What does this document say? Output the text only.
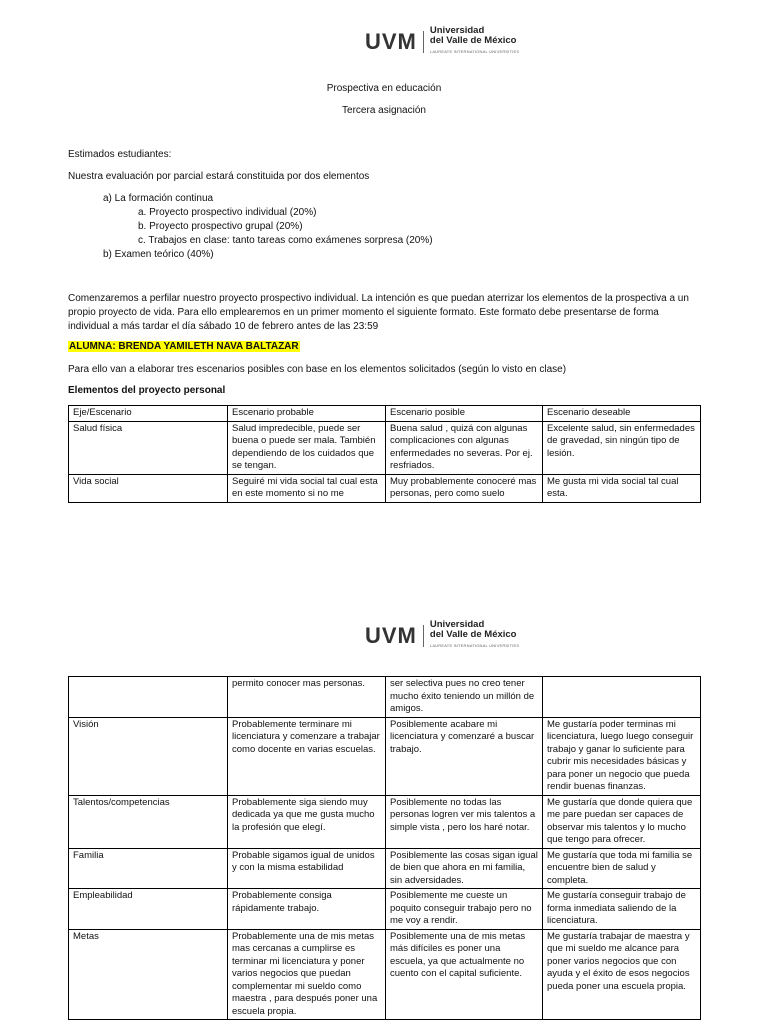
UVM Universidad
del Valle de México
LAUREATE INTERNATIONAL UNIVERSITIES
Prospectiva en educación
Tercera asignación
Estimados estudiantes:
Nuestra evaluación por parcial estará constituida por dos elementos
a) La formación continua
a. Proyecto prospectivo individual (20%)
b. Proyecto prospectivo grupal (20%)
c. Trabajos en clase: tanto tareas como exámenes sorpresa (20%)
b) Examen teórico (40%)
Comenzaremos a perfilar nuestro proyecto prospectivo individual. La intención es que puedan aterrizar los elementos de la prospectiva a un propio proyecto de vida. Para ello emplearemos en un primer momento el siguiente formato. Este formato debe presentarse de forma individual a más tardar el día sábado 10 de febrero antes de las 23:59
ALUMNA: BRENDA YAMILETH NAVA BALTAZAR
Para ello van a elaborar tres escenarios posibles con base en los elementos solicitados (según lo visto en clase)
Elementos del proyecto personal
Eje/Escenario	Escenario probable	Escenario posible	Escenario deseable
Salud física	Salud impredecible, puede ser buena o puede ser mala. También dependiendo de los cuidados que se tengan.	Buena salud , quizá con algunas complicaciones con algunas enfermedades no severas. Por ej. resfriados.	Excelente salud, sin enfermedades de gravedad, sin ningún tipo de lesión.
Vida social	Seguiré mi vida social tal cual esta en este momento si no me	Muy probablemente conoceré mas personas, pero como suelo	Me gusta mi vida social tal cual esta.
UVM Universidad
del Valle de México
LAUREATE INTERNATIONAL UNIVERSITIES
	permito conocer mas personas.	ser selectiva pues no creo tener mucho éxito teniendo un millón de amigos.	
Visión	Probablemente terminare mi licenciatura y comenzare a trabajar como docente en varias escuelas.	Posiblemente acabare mi licenciatura y comenzaré a buscar trabajo.	Me gustaría poder terminas mi licenciatura, luego luego conseguir trabajo y ganar lo suficiente para cubrir mis necesidades básicas y para poner un negocio que pueda rendir buenas finanzas.
Talentos/competencias	Probablemente siga siendo muy dedicada ya que me gusta mucho la profesión que elegí.	Posiblemente no todas las personas logren ver mis talentos a simple vista , pero los haré notar.	Me gustaría que donde quiera que me pare puedan ser capaces de observar mis talentos y lo mucho que tengo para ofrecer.
Familia	Probable sigamos igual de unidos y con la misma estabilidad	Posiblemente las cosas sigan igual de bien que ahora en mi familia, sin adversidades.	Me gustaría que toda mi familia se encuentre bien de salud y completa.
Empleabilidad	Probablemente consiga rápidamente trabajo.	Posiblemente me cueste un poquito conseguir trabajo pero no me voy a rendir.	Me gustaría conseguir trabajo de forma inmediata saliendo de la licenciatura.
Metas	Probablemente una de mis metas mas cercanas a cumplirse es terminar mi licenciatura y poner varios negocios que puedan complementar mi sueldo como maestra , para después poner una escuela propia.	Posiblemente una de mis metas más difíciles es poner una escuela, ya que actualmente no cuento con el capital suficiente.	Me gustaría trabajar de maestra y que mi sueldo me alcance para poner varios negocios que con ayuda y el éxito de esos negocios pueda poner una escuela propia.
